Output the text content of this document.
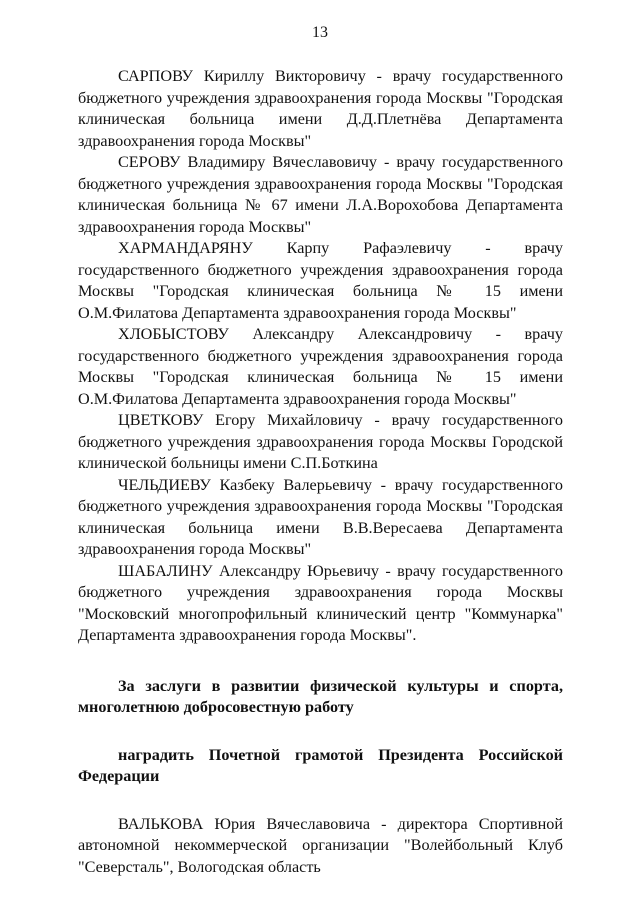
13

САРПОВУ Кириллу Викторовичу - врачу государственного бюджетного учреждения здравоохранения города Москвы "Городская клиническая больница имени Д.Д.Плетнёва Департамента здравоохранения города Москвы"

СЕРОВУ Владимиру Вячеславовичу - врачу государственного бюджетного учреждения здравоохранения города Москвы "Городская клиническая больница № 67 имени Л.А.Ворохобова Департамента здравоохранения города Москвы"

ХАРМАНДАРЯНУ Карпу Рафаэлевичу - врачу государственного бюджетного учреждения здравоохранения города Москвы "Городская клиническая больница № 15 имени О.М.Филатова Департамента здравоохранения города Москвы"

ХЛОБЫСТОВУ Александру Александровичу - врачу государственного бюджетного учреждения здравоохранения города Москвы "Городская клиническая больница № 15 имени О.М.Филатова Департамента здравоохранения города Москвы"

ЦВЕТКОВУ Егору Михайловичу - врачу государственного бюджетного учреждения здравоохранения города Москвы Городской клинической больницы имени С.П.Боткина

ЧЕЛЬДИЕВУ Казбеку Валерьевичу - врачу государственного бюджетного учреждения здравоохранения города Москвы "Городская клиническая больница имени В.В.Вересаева Департамента здравоохранения города Москвы"

ШАБАЛИНУ Александру Юрьевичу - врачу государственного бюджетного учреждения здравоохранения города Москвы "Московский многопрофильный клинический центр "Коммунарка" Департамента здравоохранения города Москвы".

За заслуги в развитии физической культуры и спорта, многолетнюю добросовестную работу

наградить Почетной грамотой Президента Российской Федерации

ВАЛЬКОВА Юрия Вячеславовича - директора Спортивной автономной некоммерческой организации "Волейбольный Клуб "Северсталь", Вологодская область
